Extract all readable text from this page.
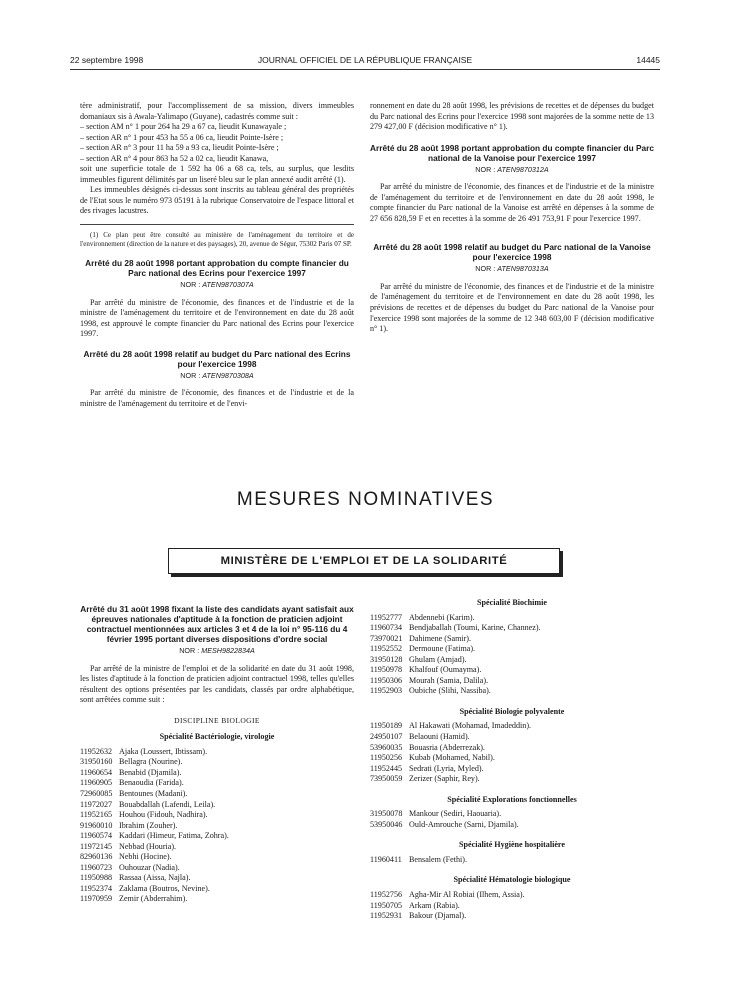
22 septembre 1998	JOURNAL OFFICIEL DE LA RÉPUBLIQUE FRANÇAISE	14445

tère administratif, pour l'accomplissement de sa mission, divers immeubles domaniaux sis à Awala-Yalimapo (Guyane), cadastrés comme suit :

– section AM n° 1 pour 264 ha 29 a 67 ca, lieudit Kunawayale ;

– section AR n° 1 pour 453 ha 55 a 06 ca, lieudit Pointe-Isère ;

– section AR n° 3 pour 11 ha 59 a 93 ca, lieudit Pointe-Isère ;

– section AR n° 4 pour 863 ha 52 a 02 ca, lieudit Kanawa,

soit une superficie totale de 1 592 ha 06 a 68 ca, tels, au surplus, que lesdits immeubles figurent délimités par un liseré bleu sur le plan annexé audit arrêté (1).

Les immeubles désignés ci-dessus sont inscrits au tableau général des propriétés de l'Etat sous le numéro 973 05191 à la rubrique Conservatoire de l'espace littoral et des rivages lacustres.

(1) Ce plan peut être consulté au ministère de l'aménagement du territoire et de l'environnement (direction de la nature et des paysages), 20, avenue de Ségur, 75302 Paris 07 SP.

Arrêté du 28 août 1998 portant approbation du compte financier du Parc national des Ecrins pour l'exercice 1997
NOR : ATEN9870307A

Par arrêté du ministre de l'économie, des finances et de l'industrie et de la ministre de l'aménagement du territoire et de l'environnement en date du 28 août 1998, est approuvé le compte financier du Parc national des Ecrins pour l'exercice 1997.

Arrêté du 28 août 1998 relatif au budget du Parc national des Ecrins pour l'exercice 1998
NOR : ATEN9870308A

Par arrêté du ministre de l'économie, des finances et de l'industrie et de la ministre de l'aménagement du territoire et de l'envi-

ronnement en date du 28 août 1998, les prévisions de recettes et de dépenses du budget du Parc national des Ecrins pour l'exercice 1998 sont majorées de la somme nette de 13 279 427,00 F (décision modificative n° 1).

Arrêté du 28 août 1998 portant approbation du compte financier du Parc national de la Vanoise pour l'exercice 1997
NOR : ATEN9870312A

Par arrêté du ministre de l'économie, des finances et de l'industrie et de la ministre de l'aménagement du territoire et de l'environnement en date du 28 août 1998, le compte financier du Parc national de la Vanoise est arrêté en dépenses à la somme de 27 656 828,59 F et en recettes à la somme de 26 491 753,91 F pour l'exercice 1997.

Arrêté du 28 août 1998 relatif au budget du Parc national de la Vanoise pour l'exercice 1998
NOR : ATEN9870313A

Par arrêté du ministre de l'économie, des finances et de l'industrie et de la ministre de l'aménagement du territoire et de l'environnement en date du 28 août 1998, les prévisions de recettes et de dépenses du budget du Parc national de la Vanoise pour l'exercice 1998 sont majorées de la somme de 12 348 603,00 F (décision modificative n° 1).

MESURES NOMINATIVES
MINISTÈRE DE L'EMPLOI ET DE LA SOLIDARITÉ
Arrêté du 31 août 1998 fixant la liste des candidats ayant satisfait aux épreuves nationales d'aptitude à la fonction de praticien adjoint contractuel mentionnées aux articles 3 et 4 de la loi n° 95-116 du 4 février 1995 portant diverses dispositions d'ordre social
NOR : MESH9822834A

Par arrêté de la ministre de l'emploi et de la solidarité en date du 31 août 1998, les listes d'aptitude à la fonction de praticien adjoint contractuel 1998, telles qu'elles résultent des options présentées par les candidats, classés par ordre alphabétique, sont arrêtées comme suit :

DISCIPLINE BIOLOGIE
Spécialité Bactériologie, virologie
11952632 Ajaka (Loussert, Ibtissam).
31950160 Bellagra (Nourine).
11960654 Benabid (Djamila).
11960905 Benaoudia (Farida).
72960085 Bentounes (Madani).
11972027 Bouabdallah (Lafendi, Leila).
11952165 Houhou (Fidouh, Nadhira).
91960010 Ibrahim (Zouher).
11960574 Kaddari (Himeur, Fatima, Zohra).
11972145 Nebbad (Houria).
82960136 Nebhi (Hocine).
11960723 Ouhouzar (Nadia).
11950988 Rassaa (Aissa, Najla).
11952374 Zaklama (Boutros, Nevine).
11970959 Zemir (Abderrahim).
Spécialité Biochimie
11952777 Abdennebi (Karim).
11960734 Bendjaballah (Toumi, Karine, Channez).
73970021 Dahimene (Samir).
11952552 Dermoune (Fatima).
31950128 Ghulam (Amjad).
11950978 Khalfouf (Oumayma).
11950306 Mourah (Samia, Dalila).
11952903 Oubiche (Slihi, Nassiba).
Spécialité Biologie polyvalente
11950189 Al Hakawati (Mohamad, Imadeddin).
24950107 Belaouni (Hamid).
53960035 Bouasria (Abderrezak).
11950256 Kubab (Mohamed, Nabil).
11952445 Sedrati (Lyria, Myled).
73950059 Zerizer (Saphir, Rey).
Spécialité Explorations fonctionnelles
31950078 Mankour (Sediri, Haouaria).
53950046 Ould-Amrouche (Sarni, Djamila).
Spécialité Hygiène hospitalière
11960411 Bensalem (Fethi).
Spécialité Hématologie biologique
11952756 Agha-Mir Al Robiai (Ilhem, Assia).
11950705 Arkam (Rabia).
11952931 Bakour (Djamal).
